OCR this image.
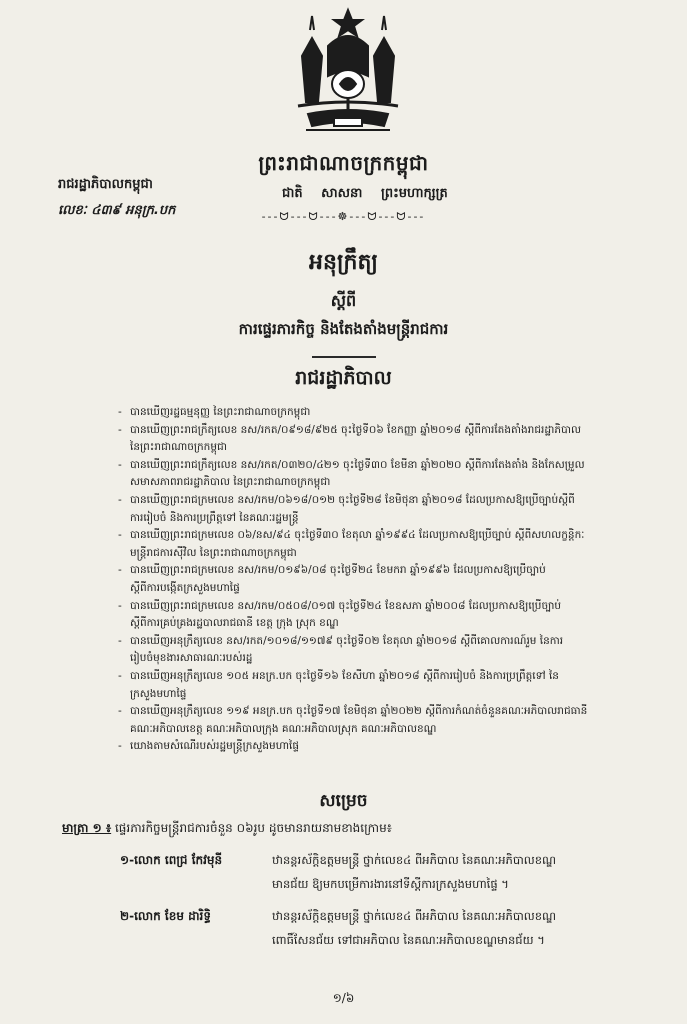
ព្រះរាជាណាចក្រកម្ពុជា
រាជរដ្ឋាភិបាលកម្ពុជា
ជាតិ សាសនា ព្រះមហាក្សត្រ
លេខៈ ៤៣៩ អនុក្រ.បក	---ᗢ---ᗢ---☸---ᗢ---ᗢ---
អនុក្រឹត្យ
ស្តីពី
ការផ្ទេរភារកិច្ច និងតែងតាំងមន្ត្រីរាជការ
រាជរដ្ឋាភិបាល
- បានឃើញរដ្ឋធម្មនុញ្ញ នៃព្រះរាជាណាចក្រកម្ពុជា
- បានឃើញព្រះរាជក្រឹត្យលេខ នស/រកត/០៩១៨/៩២៥ ចុះថ្ងៃទី០៦ ខែកញ្ញា ឆ្នាំ២០១៨ ស្តីពីការតែងតាំងរាជរដ្ឋាភិបាល
នៃព្រះរាជាណាចក្រកម្ពុជា
- បានឃើញព្រះរាជក្រឹត្យលេខ នស/រកត/០៣២០/៤២១ ចុះថ្ងៃទី៣០ ខែមីនា ឆ្នាំ២០២០ ស្តីពីការតែងតាំង និងកែសម្រួល
សមាសភាពរាជរដ្ឋាភិបាល នៃព្រះរាជាណាចក្រកម្ពុជា
- បានឃើញព្រះរាជក្រមលេខ នស/រកម/០៦១៨/០១២ ចុះថ្ងៃទី២៨ ខែមិថុនា ឆ្នាំ២០១៨ ដែលប្រកាសឱ្យប្រើច្បាប់ស្តីពី
ការរៀបចំ និងការប្រព្រឹត្តទៅ នៃគណៈរដ្ឋមន្ត្រី
- បានឃើញព្រះរាជក្រមលេខ ០៦/នស/៩៤ ចុះថ្ងៃទី៣០ ខែតុលា ឆ្នាំ១៩៩៤ ដែលប្រកាសឱ្យប្រើច្បាប់ ស្តីពីសហលក្ខន្តិកៈ
មន្ត្រីរាជការស៊ីវិល នៃព្រះរាជាណាចក្រកម្ពុជា
- បានឃើញព្រះរាជក្រមលេខ នស/រកម/០១៩៦/០៨ ចុះថ្ងៃទី២៤ ខែមករា ឆ្នាំ១៩៩៦ ដែលប្រកាសឱ្យប្រើច្បាប់
ស្តីពីការបង្កើតក្រសួងមហាផ្ទៃ
- បានឃើញព្រះរាជក្រមលេខ នស/រកម/០៥០៨/០១៧ ចុះថ្ងៃទី២៤ ខែឧសភា ឆ្នាំ២០០៨ ដែលប្រកាសឱ្យប្រើច្បាប់
ស្តីពីការគ្រប់គ្រងរដ្ឋបាលរាជធានី ខេត្ត ក្រុង ស្រុក ខណ្ឌ
- បានឃើញអនុក្រឹត្យលេខ នស/រកត/១០១៨/១១៧៩ ចុះថ្ងៃទី០២ ខែតុលា ឆ្នាំ២០១៨ ស្តីពីគោលការណ៍រួម នៃការ
រៀបចំមុខងារសាធារណៈរបស់រដ្ឋ
- បានឃើញអនុក្រឹត្យលេខ ១០៥ អនក្រ.បក ចុះថ្ងៃទី១៦ ខែសីហា ឆ្នាំ២០១៨ ស្តីពីការរៀបចំ និងការប្រព្រឹត្តទៅ នៃ
ក្រសួងមហាផ្ទៃ
- បានឃើញអនុក្រឹត្យលេខ ១១៩ អនក្រ.បក ចុះថ្ងៃទី១៧ ខែមិថុនា ឆ្នាំ២០២២ ស្តីពីការកំណត់ចំនួនគណៈអភិបាលរាជធានី
គណៈអភិបាលខេត្ត គណៈអភិបាលក្រុង គណៈអភិបាលស្រុក គណៈអភិបាលខណ្ឌ
- យោងតាមសំណើរបស់រដ្ឋមន្ត្រីក្រសួងមហាផ្ទៃ
សម្រេច
មាត្រា ១ ៖ ផ្ទេរភារកិច្ចមន្ត្រីរាជការចំនួន ០៦រូប ដូចមានរាយនាមខាងក្រោម៖
១-លោក ពេជ្រ កែវមុនី	ឋានន្តរស័ក្តិឧត្តមមន្ត្រី ថ្នាក់លេខ៤ ពីអភិបាល នៃគណៈអភិបាលខណ្ឌ
មានជ័យ ឱ្យមកបម្រើការងារនៅទីស្តីការក្រសួងមហាផ្ទៃ ។
២-លោក ខែម ដារិទ្ធិ	ឋានន្តរស័ក្តិឧត្តមមន្ត្រី ថ្នាក់លេខ៤ ពីអភិបាល នៃគណៈអភិបាលខណ្ឌ
ពោធិ៍សែនជ័យ ទៅជាអភិបាល នៃគណៈអភិបាលខណ្ឌមានជ័យ ។
១/៦
